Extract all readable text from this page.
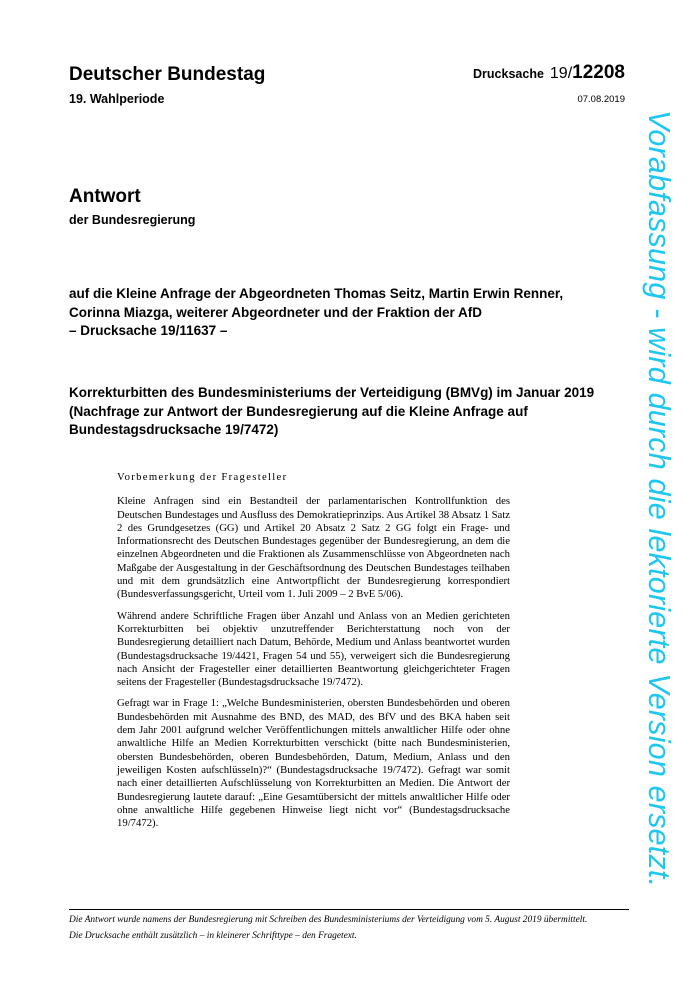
Deutscher Bundestag
19. Wahlperiode
Drucksache 19/12208
07.08.2019
Antwort
der Bundesregierung
auf die Kleine Anfrage der Abgeordneten Thomas Seitz, Martin Erwin Renner,
Corinna Miazga, weiterer Abgeordneter und der Fraktion der AfD
– Drucksache 19/11637 –
Korrekturbitten des Bundesministeriums der Verteidigung (BMVg) im Januar 2019
(Nachfrage zur Antwort der Bundesregierung auf die Kleine Anfrage auf
Bundestagsdrucksache 19/7472)
Vorbemerkung der Fragesteller

Kleine Anfragen sind ein Bestandteil der parlamentarischen Kontrollfunktion des Deutschen Bundestages und Ausfluss des Demokratieprinzips. Aus Artikel 38 Absatz 1 Satz 2 des Grundgesetzes (GG) und Artikel 20 Absatz 2 Satz 2 GG folgt ein Frage- und Informationsrecht des Deutschen Bundestages gegenüber der Bundesregierung, an dem die einzelnen Abgeordneten und die Fraktionen als Zusammenschlüsse von Abgeordneten nach Maßgabe der Ausgestaltung in der Geschäftsordnung des Deutschen Bundestages teilhaben und mit dem grundsätzlich eine Antwortpflicht der Bundesregierung korrespondiert (Bundesverfassungsgericht, Urteil vom 1. Juli 2009 – 2 BvE 5/06).

Während andere Schriftliche Fragen über Anzahl und Anlass von an Medien gerichteten Korrekturbitten bei objektiv unzutreffender Berichterstattung noch von der Bundesregierung detailliert nach Datum, Behörde, Medium und Anlass beantwortet wurden (Bundestagsdrucksache 19/4421, Fragen 54 und 55), verweigert sich die Bundesregierung nach Ansicht der Fragesteller einer detaillierten Beantwortung gleichgerichteter Fragen seitens der Fragesteller (Bundestagsdrucksache 19/7472).

Gefragt war in Frage 1: „Welche Bundesministerien, obersten Bundesbehörden und oberen Bundesbehörden mit Ausnahme des BND, des MAD, des BfV und des BKA haben seit dem Jahr 2001 aufgrund welcher Veröffentlichungen mittels anwaltlicher Hilfe oder ohne anwaltliche Hilfe an Medien Korrekturbitten verschickt (bitte nach Bundesministerien, obersten Bundesbehörden, oberen Bundesbehörden, Datum, Medium, Anlass und den jeweiligen Kosten aufschlüsseln)?“ (Bundestagsdrucksache 19/7472). Gefragt war somit nach einer detaillierten Aufschlüsselung von Korrekturbitten an Medien. Die Antwort der Bundesregierung lautete darauf: „Eine Gesamtübersicht der mittels anwaltlicher Hilfe oder ohne anwaltliche Hilfe gegebenen Hinweise liegt nicht vor“ (Bundestagsdrucksache 19/7472).

Die Antwort wurde namens der Bundesregierung mit Schreiben des Bundesministeriums der Verteidigung vom 5. August 2019 übermittelt.

Die Drucksache enthält zusätzlich – in kleinerer Schrifttype – den Fragetext.

Vorabfassung - wird durch die lektorierte Version ersetzt.
